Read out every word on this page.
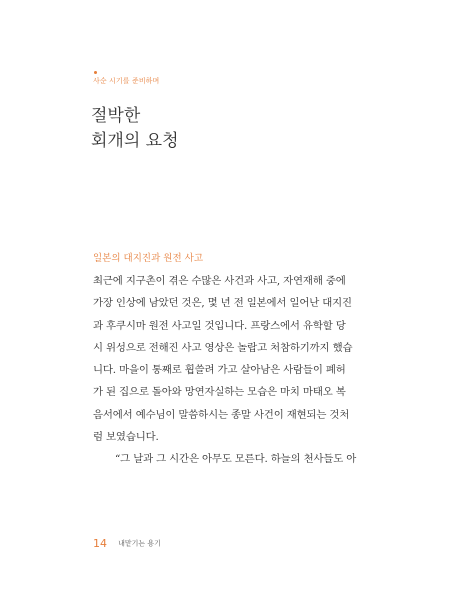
사순 시기를 준비하며
절박한
회개의 요청
일본의 대지진과 원전 사고
최근에 지구촌이 겪은 수많은 사건과 사고, 자연재해 중에
가장 인상에 남았던 것은, 몇 년 전 일본에서 일어난 대지진
과 후쿠시마 원전 사고일 것입니다. 프랑스에서 유학할 당
시 위성으로 전해진 사고 영상은 놀랍고 처참하기까지 했습
니다. 마을이 통째로 휩쓸려 가고 살아남은 사람들이 폐허
가 된 집으로 돌아와 망연자실하는 모습은 마치 마태오 복
음서에서 예수님이 말씀하시는 종말 사건이 재현되는 것처
럼 보였습니다.
“그 날과 그 시간은 아무도 모른다. 하늘의 천사들도 아
14 내맡기는 용기
